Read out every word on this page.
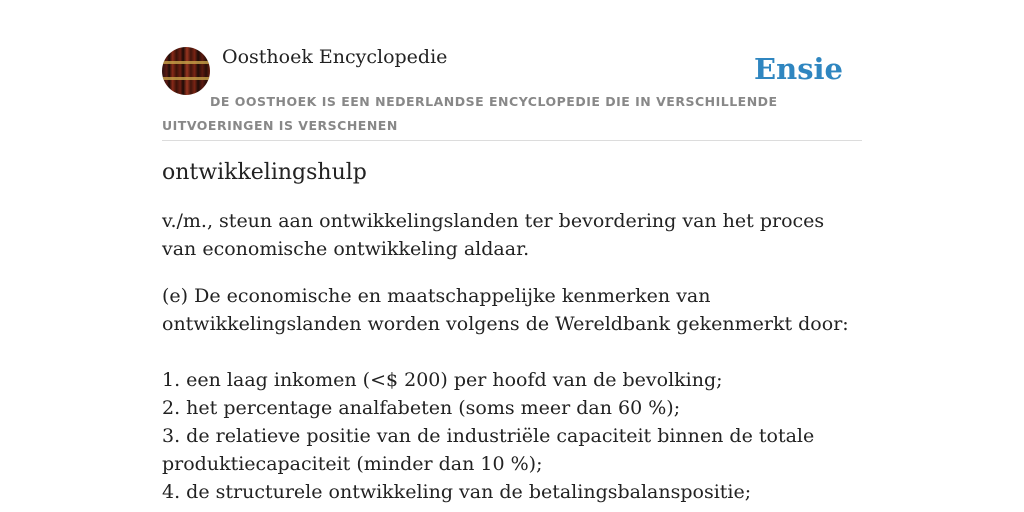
Oosthoek Encyclopedie	Ensie
DE OOSTHOEK IS EEN NEDERLANDSE ENCYCLOPEDIE DIE IN VERSCHILLENDE UITVOERINGEN IS VERSCHENEN
ontwikkelingshulp

v./m., steun aan ontwikkelingslanden ter bevordering van het proces van economische ontwikkeling aldaar.

(e) De economische en maatschappelijke kenmerken van ontwikkelingslanden worden volgens de Wereldbank gekenmerkt door:

1. een laag inkomen (<$ 200) per hoofd van de bevolking;
2. het percentage analfabeten (soms meer dan 60 %);
3. de relatieve positie van de industriële capaciteit binnen de totale produktiecapaciteit (minder dan 10 %);
4. de structurele ontwikkeling van de betalingsbalanspositie;
